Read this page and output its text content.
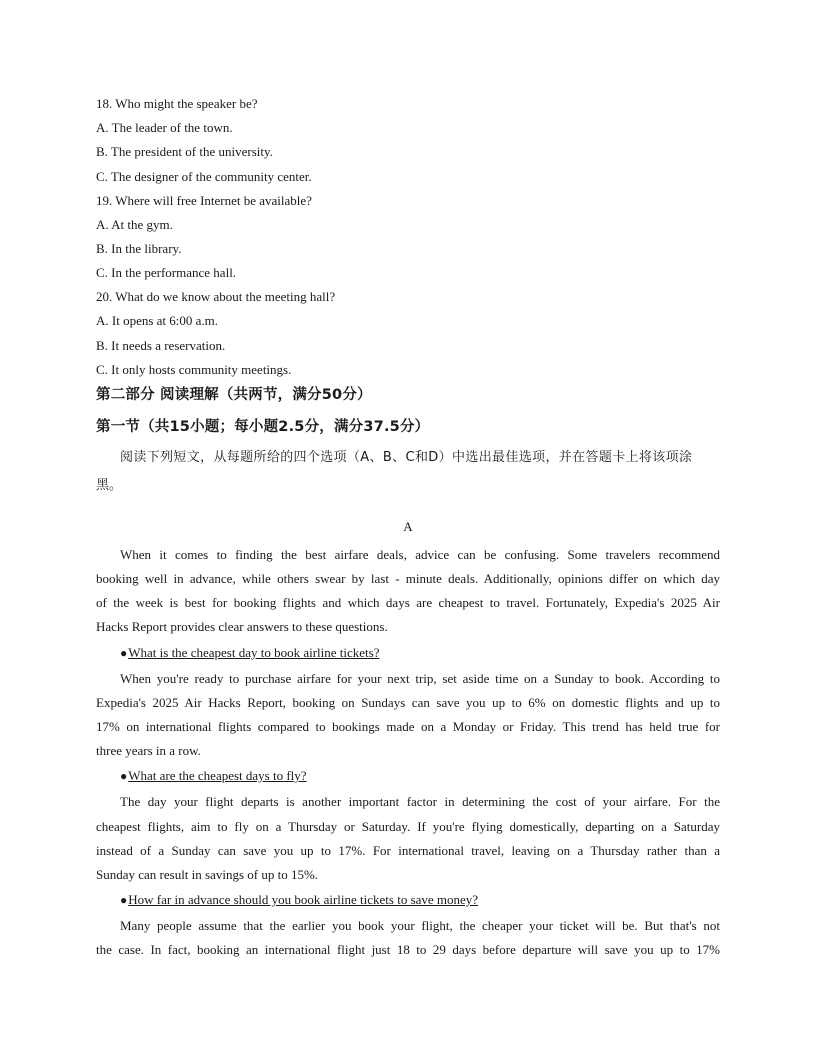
18. Who might the speaker be?
A. The leader of the town.
B. The president of the university.
C. The designer of the community center.
19. Where will free Internet be available?
A. At the gym.
B. In the library.
C. In the performance hall.
20. What do we know about the meeting hall?
A. It opens at 6:00 a.m.
B. It needs a reservation.
C. It only hosts community meetings.
第二部分 阅读理解（共两节，满分50分）
第一节（共15小题；每小题2.5分，满分37.5分）
阅读下列短文，从每题所给的四个选项（A、B、C和D）中选出最佳选项，并在答题卡上将该项涂
黑。
A
When it comes to finding the best airfare deals, advice can be confusing. Some travelers recommend
booking well in advance, while others swear by last - minute deals. Additionally, opinions differ on which day
of the week is best for booking flights and which days are cheapest to travel. Fortunately, Expedia's 2025 Air
Hacks Report provides clear answers to these questions.
●What is the cheapest day to book airline tickets?
When you're ready to purchase airfare for your next trip, set aside time on a Sunday to book. According to
Expedia's 2025 Air Hacks Report, booking on Sundays can save you up to 6% on domestic flights and up to
17% on international flights compared to bookings made on a Monday or Friday. This trend has held true for
three years in a row.
●What are the cheapest days to fly?
The day your flight departs is another important factor in determining the cost of your airfare. For the
cheapest flights, aim to fly on a Thursday or Saturday. If you're flying domestically, departing on a Saturday
instead of a Sunday can save you up to 17%. For international travel, leaving on a Thursday rather than a
Sunday can result in savings of up to 15%.
●How far in advance should you book airline tickets to save money?
Many people assume that the earlier you book your flight, the cheaper your ticket will be. But that's not
the case. In fact, booking an international flight just 18 to 29 days before departure will save you up to 17%
